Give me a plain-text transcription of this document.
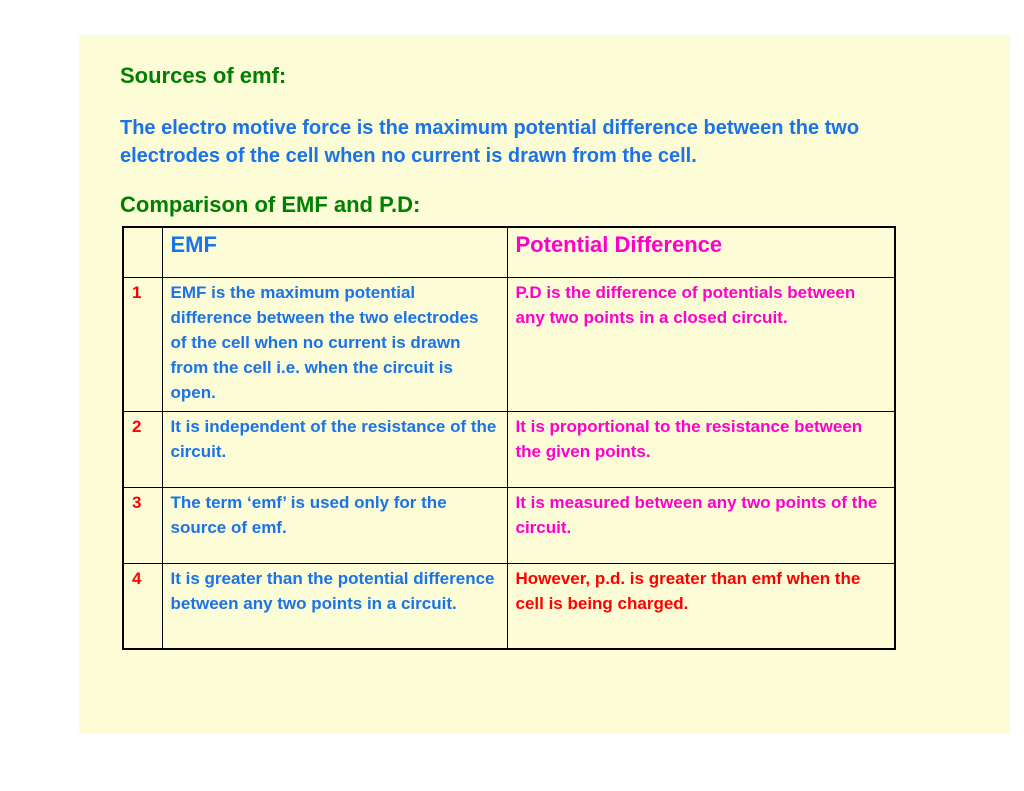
Sources of emf:

The electro motive force is the maximum potential difference between the two electrodes of the cell when no current is drawn from the cell.

Comparison of EMF and P.D:
	EMF	Potential Difference
1	EMF is the maximum potential difference between the two electrodes of the cell when no current is drawn from the cell i.e. when the circuit is open.	P.D is the difference of potentials between any two points in a closed circuit.
2	It is independent of the resistance of the circuit.	It is proportional to the resistance between the given points.
3	The term ‘emf’ is used only for the source of emf.	It is measured between any two points of the circuit.
4	It is greater than the potential difference between any two points in a circuit.	However, p.d. is greater than emf when the cell is being charged.
